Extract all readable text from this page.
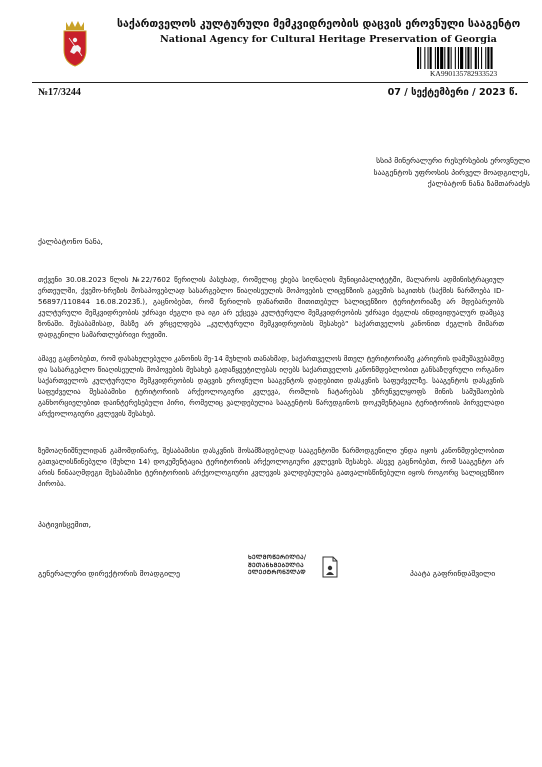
საქართველოს კულტურული მემკვიდრეობის დაცვის ეროვნული სააგენტო
National Agency for Cultural Heritage Preservation of Georgia
KA990135782933523
№17/3244	07 / სექტემბერი / 2023 წ.
სსიპ მინერალური რესურსების ეროვნული
სააგენტოს უფროსის პირველ მოადგილეს,
ქალბატონ ნანა ზამთარაძეს
ქალბატონო ნანა,
თქვენი 30.08.2023 წლის №22/7602 წერილის პასუხად, რომელიც ეხება სიღნაღის მუნიციპალიტეტში, მალაროს ადმინისტრაციულ ერთეულში, ქვემო-ხრეზის მოსაპოვებლად სასარგებლო წიაღისეულის მოპოვების ლიცენზიის გაცემის საკითხს (საქმის ნარმოება ID-56897/110844 16.08.2023წ.), გაცნობებთ, რომ წერილის დანართში მითითებულ სალიცენზიო ტერიტორიაზე არ მდებარეობს კულტურული მემკვიდრეობის უძრავი ძეგლი და იგი არ ექცევა კულტურული მემკვიდრეობის უძრავი ძეგლის ინდივიდუალურ დამცავ ზონაში. შესაბამისად, მასზე არ ვრცელდება „კულტურული მემკვიდრეობის შესახებ“ საქართველოს კანონით ძეგლის მიმართ დადგენილი სამართლებრივი რეჟიმი.
ამავე გაცნობებთ, რომ დასახელებული კანონის მე-14 მუხლის თანახმად, საქართველოს მთელ ტერიტორიაზე კარიერის დამუშავებამდე და სასარგებლო წიაღისეულის მოპოვების მესახებ გადაწყვეტილებას იღებს საქართველოს კანონმდებლობით განსაზღვრული ორგანო საქართველოს კულტურული მემკვიდრეობის დაცვის ეროვნული სააგენტოს დადებითი დასკვნის საფუძველზე. სააგენტოს დასკვნის საფუძველია შესაბამისი ტერიტორიის არქეოლოგიური კვლევა, რომლის ჩატარებას უზრუნველყოფს მინის სამუშაოების განხორციელებით დაინტერესებული პირი, რომელიც ვალდებულია სააგენტოს წარუდგინოს დოკუმენტაცია ტერიტორიის პირველადი არქეოლოგიური კვლევის შესახებ.
ზემოაღნიშნულიდან გამომდინარე, შესაბამისი დასკვნის მოსამზადებლად სააგენტოში წარმოდგენილი უნდა იყოს კანონმდებლობით გათვალისწინებული (მუხლი 14) დოკუმენტაცია ტერიტორიის არქეოლოგიური კვლევის შესახებ. ასევე გაცნობებთ, რომ სააგენტო არ არის წინააღმდეგი შესაბამისი ტერიტორიის არქეოლოგიური კვლევის ვალდებულება გათვალისწინებული იყოს როგორც სალიცენზიო პირობა.
პატივისცემით,
გენერალური დირექტორის მოადგილე
ᲮᲔᲚᲛᲝᲬᲔᲠᲘᲚᲘᲐ/
ᲨᲔᲗᲐᲜᲮᲛᲔᲑᲣᲚᲘᲐ
ᲔᲚᲔᲥᲢᲠᲝᲜᲣᲚᲐᲓ	პაატა გაფრინდაშვილი
